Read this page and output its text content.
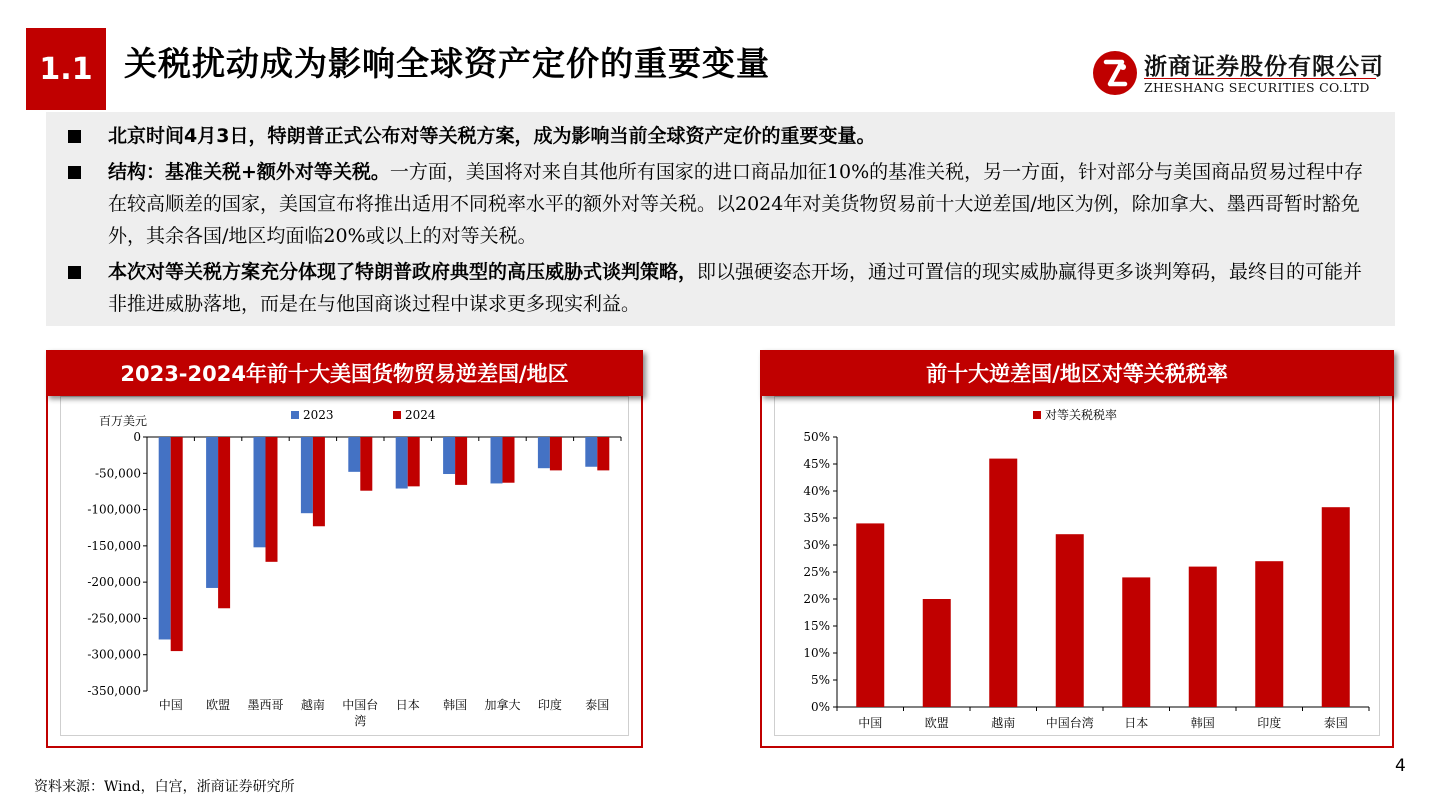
1.1 关税扰动成为影响全球资产定价的重要变量	浙商证券股份有限公司
ZHESHANG SECURITIES CO.LTD
北京时间4月3日，特朗普正式公布对等关税方案，成为影响当前全球资产定价的重要变量。
结构：基准关税+额外对等关税。一方面，美国将对来自其他所有国家的进口商品加征10%的基准关税，另一方面，针对部分与美国商品贸易过程中存在较高顺差的国家，美国宣布将推出适用不同税率水平的额外对等关税。以2024年对美货物贸易前十大逆差国/地区为例，除加拿大、墨西哥暂时豁免外，其余各国/地区均面临20%或以上的对等关税。
本次对等关税方案充分体现了特朗普政府典型的高压威胁式谈判策略，即以强硬姿态开场，通过可置信的现实威胁赢得更多谈判筹码，最终目的可能并非推进威胁落地，而是在与他国商谈过程中谋求更多现实利益。
0
-50,000
-100,000
-150,000
-200,000
-250,000
-300,000
-350,000
百万美元	2023	2024
中国 欧盟 墨西哥 越南 中国台
湾
日本 韩国 加拿大 印度 泰国
2023-2024年前十大美国货物贸易逆差国/地区
0%
5%
10%
15%
20%
25%
30%
35%
40%
45%
50%
对等关税税率
中国	欧盟	越南	中国台湾	日本	韩国	印度	泰国
前十大逆差国/地区对等关税税率
资料来源：Wind，白宫，浙商证券研究所
4
